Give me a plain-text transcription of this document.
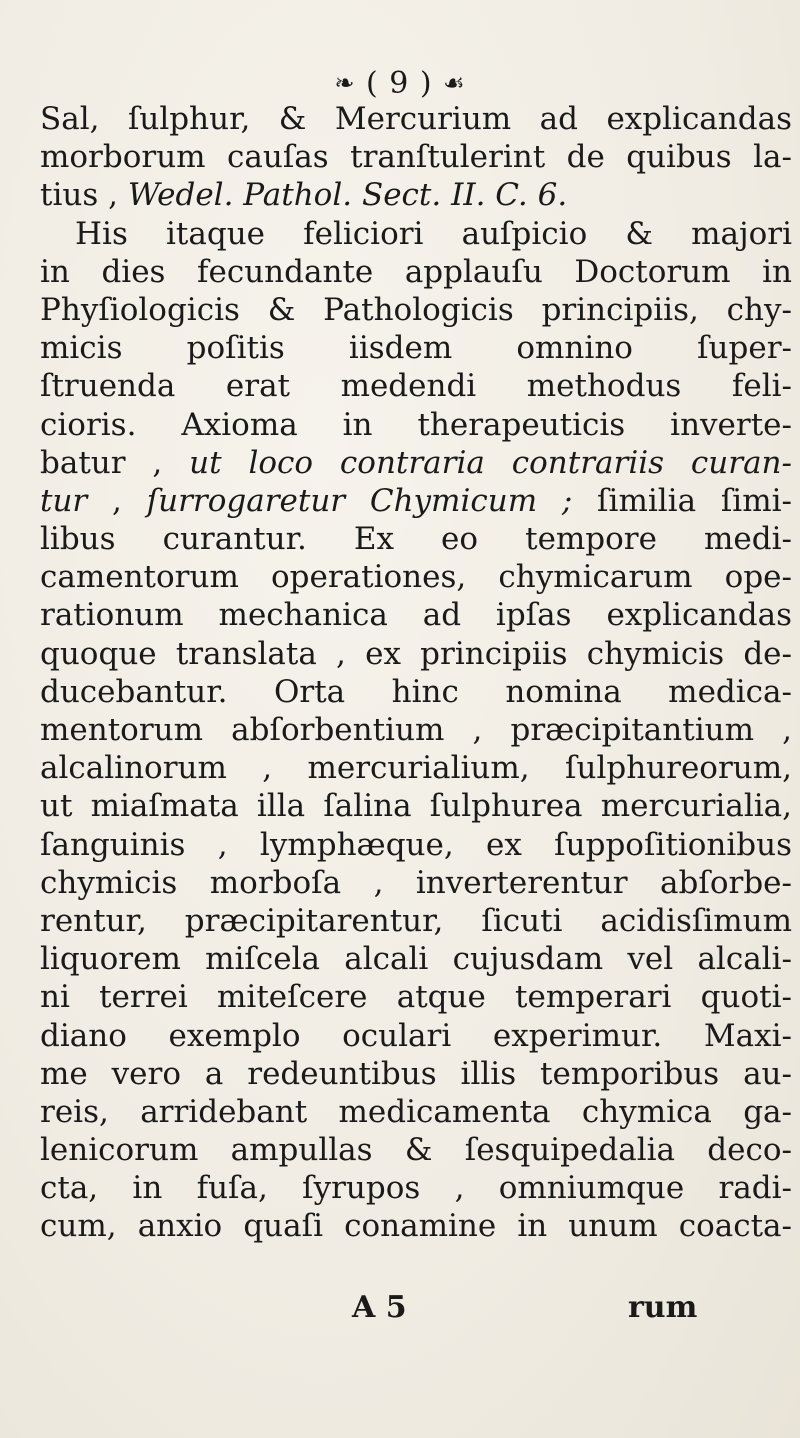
❧ ( 9 ) ☙
Sal, ſulphur, & Mercurium ad explicandas
morborum cauſas tranſtulerint de quibus la-
tius , Wedel. Pathol. Sect. II. C. 6.
His itaque feliciori auſpicio & majori
in dies fecundante applauſu Doctorum in
Phyſiologicis & Pathologicis principiis, chy-
micis poſitis iisdem omnino ſuper-
ſtruenda erat medendi methodus feli-
cioris. Axioma in therapeuticis inverte-
batur , ut loco contraria contrariis curan-
tur , ſurrogaretur Chymicum ; ſimilia ſimi-
libus curantur. Ex eo tempore medi-
camentorum operationes, chymicarum ope-
rationum mechanica ad ipſas explicandas
quoque translata , ex principiis chymicis de-
ducebantur. Orta hinc nomina medica-
mentorum abſorbentium , præcipitantium ,
alcalinorum , mercurialium, ſulphureorum,
ut miaſmata illa ſalina ſulphurea mercurialia,
ſanguinis , lymphæque, ex ſuppoſitionibus
chymicis morboſa , inverterentur abſorbe-
rentur, præcipitarentur, ſicuti acidisſimum
liquorem miſcela alcali cujusdam vel alcali-
ni terrei miteſcere atque temperari quoti-
diano exemplo oculari experimur. Maxi-
me vero a redeuntibus illis temporibus au-
reis, arridebant medicamenta chymica ga-
lenicorum ampullas & ſesquipedalia deco-
cta, in fuſa, ſyrupos , omniumque radi-
cum, anxio quaſi conamine in unum coacta-
A 5	rum
